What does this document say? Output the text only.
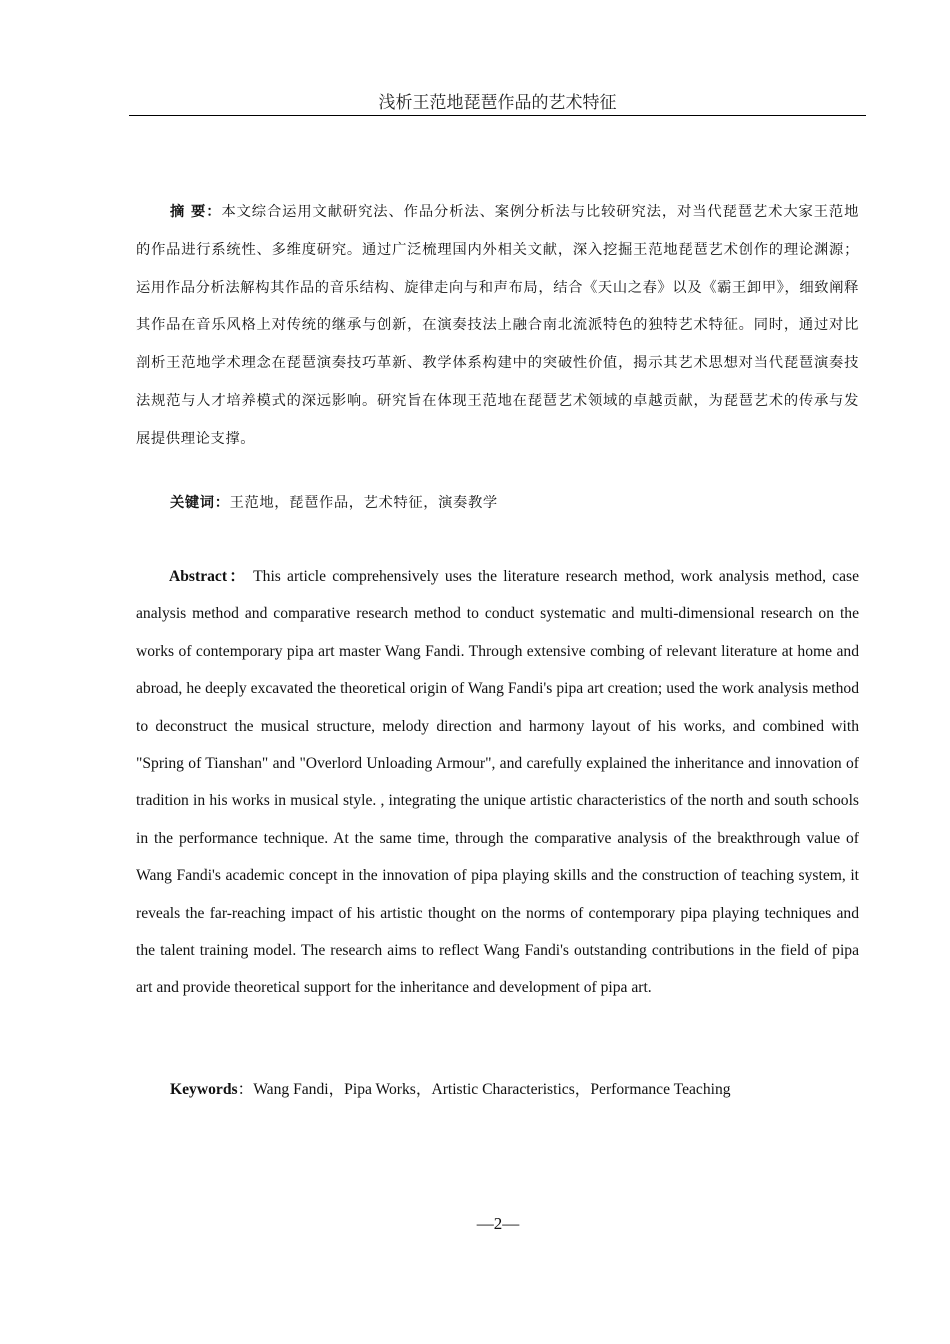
浅析王范地琵琶作品的艺术特征

摘 要：本文综合运用文献研究法、作品分析法、案例分析法与比较研究法，对当代琵琶艺术大家王范地的作品进行系统性、多维度研究。通过广泛梳理国内外相关文献，深入挖掘王范地琵琶艺术创作的理论渊源；运用作品分析法解构其作品的音乐结构、旋律走向与和声布局，结合《天山之春》以及《霸王卸甲》，细致阐释其作品在音乐风格上对传统的继承与创新，在演奏技法上融合南北流派特色的独特艺术特征。同时，通过对比剖析王范地学术理念在琵琶演奏技巧革新、教学体系构建中的突破性价值，揭示其艺术思想对当代琵琶演奏技法规范与人才培养模式的深远影响。研究旨在体现王范地在琵琶艺术领域的卓越贡献，为琵琶艺术的传承与发展提供理论支撑。

关键词：王范地，琵琶作品，艺术特征，演奏教学

Abstract： This article comprehensively uses the literature research method, work analysis method, case analysis method and comparative research method to conduct systematic and multi-dimensional research on the works of contemporary pipa art master Wang Fandi. Through extensive combing of relevant literature at home and abroad, he deeply excavated the theoretical origin of Wang Fandi's pipa art creation; used the work analysis method to deconstruct the musical structure, melody direction and harmony layout of his works, and combined with "Spring of Tianshan" and "Overlord Unloading Armour", and carefully explained the inheritance and innovation of tradition in his works in musical style. , integrating the unique artistic characteristics of the north and south schools in the performance technique. At the same time, through the comparative analysis of the breakthrough value of Wang Fandi's academic concept in the innovation of pipa playing skills and the construction of teaching system, it reveals the far-reaching impact of his artistic thought on the norms of contemporary pipa playing techniques and the talent training model. The research aims to reflect Wang Fandi's outstanding contributions in the field of pipa art and provide theoretical support for the inheritance and development of pipa art.

Keywords：Wang Fandi，Pipa Works，Artistic Characteristics，Performance Teaching

—2—
